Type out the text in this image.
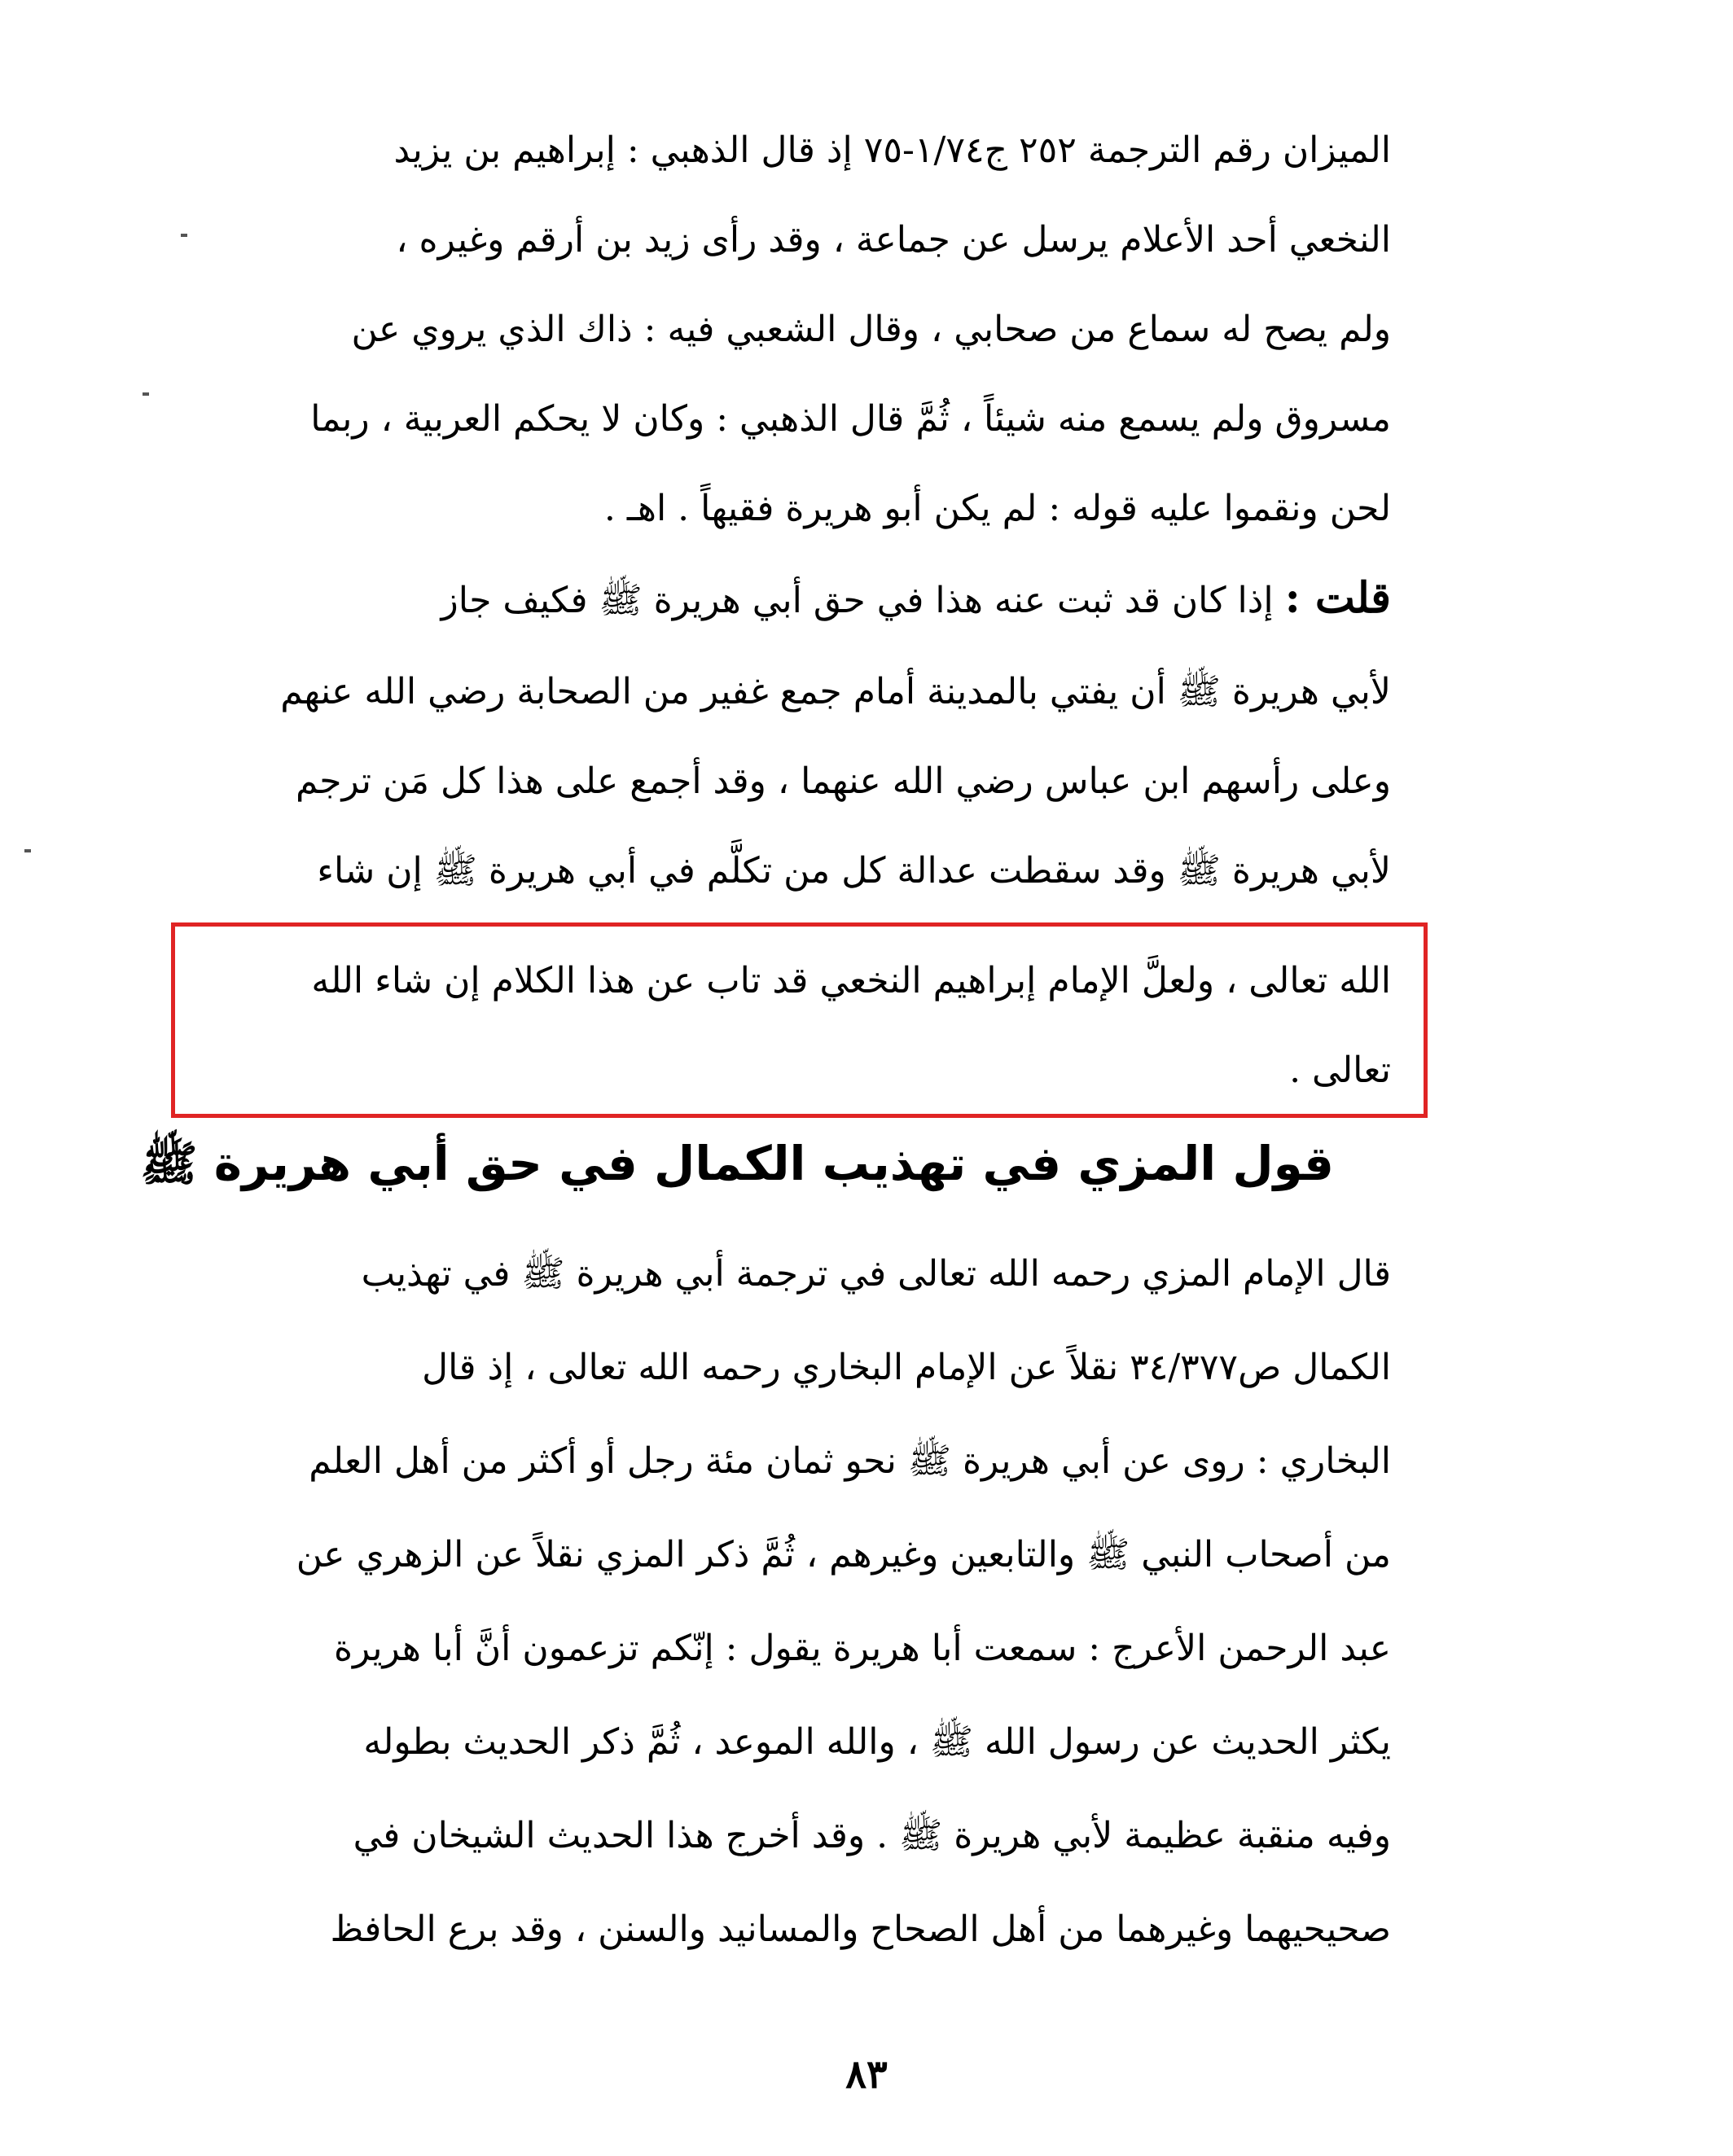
الميزان رقم الترجمة ٢٥٢ ج١/٧٤-٧٥ إذ قال الذهبي : إبراهيم بن يزيد
النخعي أحد الأعلام يرسل عن جماعة ، وقد رأى زيد بن أرقم وغيره ،
ولم يصح له سماع من صحابي ، وقال الشعبي فيه : ذاك الذي يروي عن
مسروق ولم يسمع منه شيئاً ، ثُمَّ قال الذهبي : وكان لا يحكم العربية ، ربما
لحن ونقموا عليه قوله : لم يكن أبو هريرة فقيهاً . اهـ .
قلت : إذا كان قد ثبت عنه هذا في حق أبي هريرة ﷺ فكيف جاز
لأبي هريرة ﷺ أن يفتي بالمدينة أمام جمع غفير من الصحابة رضي الله عنهم
وعلى رأسهم ابن عباس رضي الله عنهما ، وقد أجمع على هذا كل مَن ترجم
لأبي هريرة ﷺ وقد سقطت عدالة كل من تكلَّم في أبي هريرة ﷺ إن شاء
الله تعالى ، ولعلَّ الإمام إبراهيم النخعي قد تاب عن هذا الكلام إن شاء الله
تعالى .
قول المزي في تهذيب الكمال في حق أبي هريرة ﷺ
قال الإمام المزي رحمه الله تعالى في ترجمة أبي هريرة ﷺ في تهذيب
الكمال ص٣٤/٣٧٧ نقلاً عن الإمام البخاري رحمه الله تعالى ، إذ قال
البخاري : روى عن أبي هريرة ﷺ نحو ثمان مئة رجل أو أكثر من أهل العلم
من أصحاب النبي ﷺ والتابعين وغيرهم ، ثُمَّ ذكر المزي نقلاً عن الزهري عن
عبد الرحمن الأعرج : سمعت أبا هريرة يقول : إنّكم تزعمون أنَّ أبا هريرة
يكثر الحديث عن رسول الله ﷺ ، والله الموعد ، ثُمَّ ذكر الحديث بطوله
وفيه منقبة عظيمة لأبي هريرة ﷺ . وقد أخرج هذا الحديث الشيخان في
صحيحيهما وغيرهما من أهل الصحاح والمسانيد والسنن ، وقد برع الحافظ
٨٣
